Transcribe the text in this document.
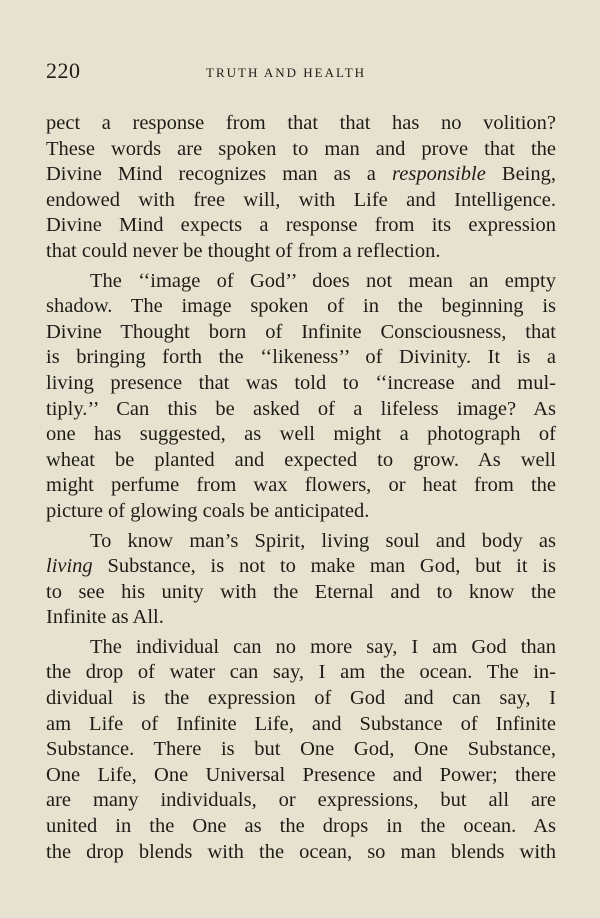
220	TRUTH AND HEALTH

pect a response from that that has no volition?
These words are spoken to man and prove that the
Divine Mind recognizes man as a responsible Being,
endowed with free will, with Life and Intelligence.
Divine Mind expects a response from its expression
that could never be thought of from a reflection.

The ‘‘image of God’’ does not mean an empty
shadow. The image spoken of in the beginning is
Divine Thought born of Infinite Consciousness, that
is bringing forth the ‘‘likeness’’ of Divinity. It is a
living presence that was told to ‘‘increase and mul-
tiply.’’ Can this be asked of a lifeless image? As
one has suggested, as well might a photograph of
wheat be planted and expected to grow. As well
might perfume from wax flowers, or heat from the
picture of glowing coals be anticipated.

To know man’s Spirit, living soul and body as
living Substance, is not to make man God, but it is
to see his unity with the Eternal and to know the
Infinite as All.

The individual can no more say, I am God than
the drop of water can say, I am the ocean. The in-
dividual is the expression of God and can say, I
am Life of Infinite Life, and Substance of Infinite
Substance. There is but One God, One Substance,
One Life, One Universal Presence and Power; there
are many individuals, or expressions, but all are
united in the One as the drops in the ocean. As
the drop blends with the ocean, so man blends with
